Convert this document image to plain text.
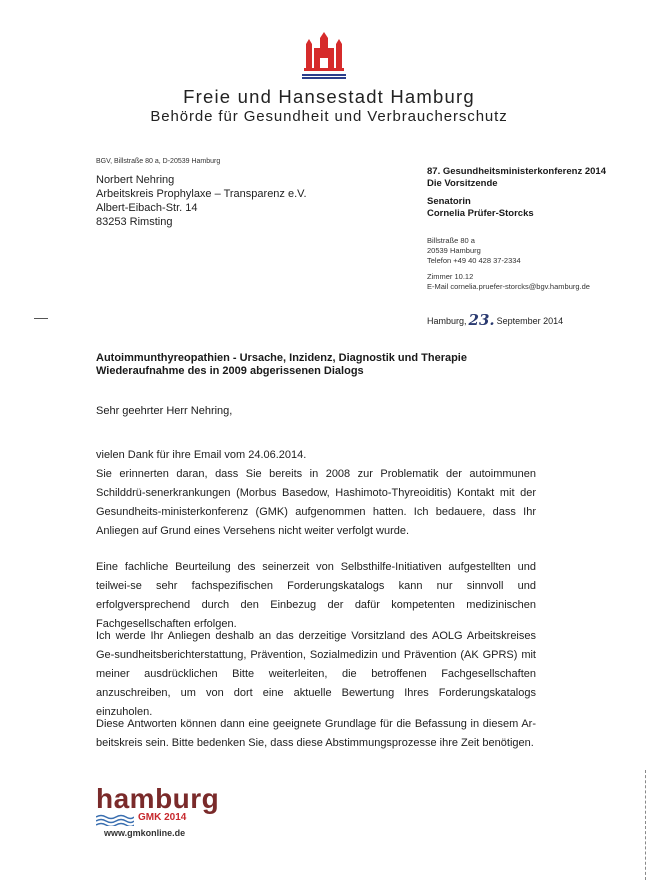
Freie und Hansestadt Hamburg
Behörde für Gesundheit und Verbraucherschutz
BGV, Billstraße 80 a, D-20539 Hamburg
Norbert Nehring
Arbeitskreis Prophylaxe – Transparenz e.V.
Albert-Eibach-Str. 14
83253 Rimsting
87. Gesundheitsministerkonferenz 2014
Die Vorsitzende
Senatorin
Cornelia Prüfer-Storcks
Billstraße 80 a
20539 Hamburg
Telefon +49 40 428 37-2334
Zimmer 10.12
E-Mail cornelia.pruefer-storcks@bgv.hamburg.de
Hamburg, 23. September 2014
Autoimmunthyreopathien - Ursache, Inzidenz, Diagnostik und Therapie
Wiederaufnahme des in 2009 abgerissenen Dialogs
Sehr geehrter Herr Nehring,

vielen Dank für ihre Email vom 24.06.2014.
Sie erinnerten daran, dass Sie bereits in 2008 zur Problematik der autoimmunen Schilddrü-senerkrankungen (Morbus Basedow, Hashimoto-Thyreoiditis) Kontakt mit der Gesundheits-ministerkonferenz (GMK) aufgenommen hatten. Ich bedauere, dass Ihr Anliegen auf Grund eines Versehens nicht weiter verfolgt wurde.

Eine fachliche Beurteilung des seinerzeit von Selbsthilfe-Initiativen aufgestellten und teilwei-se sehr fachspezifischen Forderungskatalogs kann nur sinnvoll und erfolgversprechend durch den Einbezug der dafür kompetenten medizinischen Fachgesellschaften erfolgen.

Ich werde Ihr Anliegen deshalb an das derzeitige Vorsitzland des AOLG Arbeitskreises Ge-sundheitsberichterstattung, Prävention, Sozialmedizin und Prävention (AK GPRS) mit meiner ausdrücklichen Bitte weiterleiten, die betroffenen Fachgesellschaften anzuschreiben, um von dort eine aktuelle Bewertung Ihres Forderungskatalogs einzuholen.

Diese Antworten können dann eine geeignete Grundlage für die Befassung in diesem Ar-beitskreis sein. Bitte bedenken Sie, dass diese Abstimmungsprozesse ihre Zeit benötigen.

hamburg
GMK 2014
www.gmkonline.de
